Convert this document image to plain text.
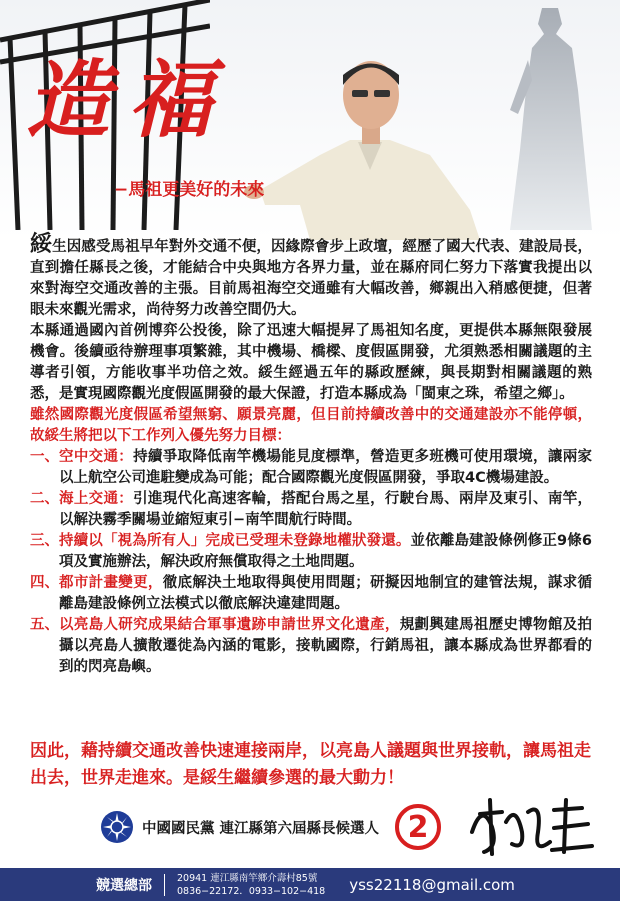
造福
−馬祖更美好的未來

綏生因感受馬祖早年對外交通不便，因緣際會步上政壇，經歷了國大代表、建設局長，直到擔任縣長之後，才能結合中央與地方各界力量，並在縣府同仁努力下落實我提出以來對海空交通改善的主張。目前馬祖海空交通雖有大幅改善，鄉親出入稍感便捷，但著眼未來觀光需求，尚待努力改善空間仍大。

本縣通過國內首例博弈公投後，除了迅速大幅提昇了馬祖知名度，更提供本縣無限發展機會。後續亟待辦理事項繁雜，其中機場、橋樑、度假區開發，尤須熟悉相關議題的主導者引領，方能收事半功倍之效。綏生經過五年的縣政歷練，與長期對相關議題的熟悉，是實現國際觀光度假區開發的最大保證，打造本縣成為「閩東之珠，希望之鄉」。

雖然國際觀光度假區希望無窮、願景亮麗，但目前持續改善中的交通建設亦不能停頓，故綏生將把以下工作列入優先努力目標：

一、 空中交通：持續爭取降低南竿機場能見度標準，營造更多班機可使用環境，讓兩家以上航空公司進駐變成為可能；配合國際觀光度假區開發，爭取4C機場建設。
二、 海上交通：引進現代化高速客輪，搭配台馬之星，行駛台馬、兩岸及東引、南竿，以解決霧季關場並縮短東引−南竿間航行時間。
三、 持續以「視為所有人」完成已受理未登錄地權狀發還。並依離島建設條例修正9條6項及實施辦法，解決政府無償取得之土地問題。
四、 都市計畫變更，徹底解決土地取得與使用問題；研擬因地制宜的建管法規，謀求循離島建設條例立法模式以徹底解決違建問題。
五、 以亮島人研究成果結合軍事遺跡申請世界文化遺產，規劃興建馬祖歷史博物館及拍攝以亮島人擴散遷徙為內涵的電影，接軌國際，行銷馬祖，讓本縣成為世界都看的到的閃亮島嶼。
因此，藉持續交通改善快速連接兩岸，以亮島人議題與世界接軌，讓馬祖走出去，世界走進來。是綏生繼續參選的最大動力！
中國國民黨 連江縣第六屆縣長候選人 2
競選總部	20941 連江縣南竿鄉介壽村85號
0836−22172．0933−102−418 yss22118@gmail.com
